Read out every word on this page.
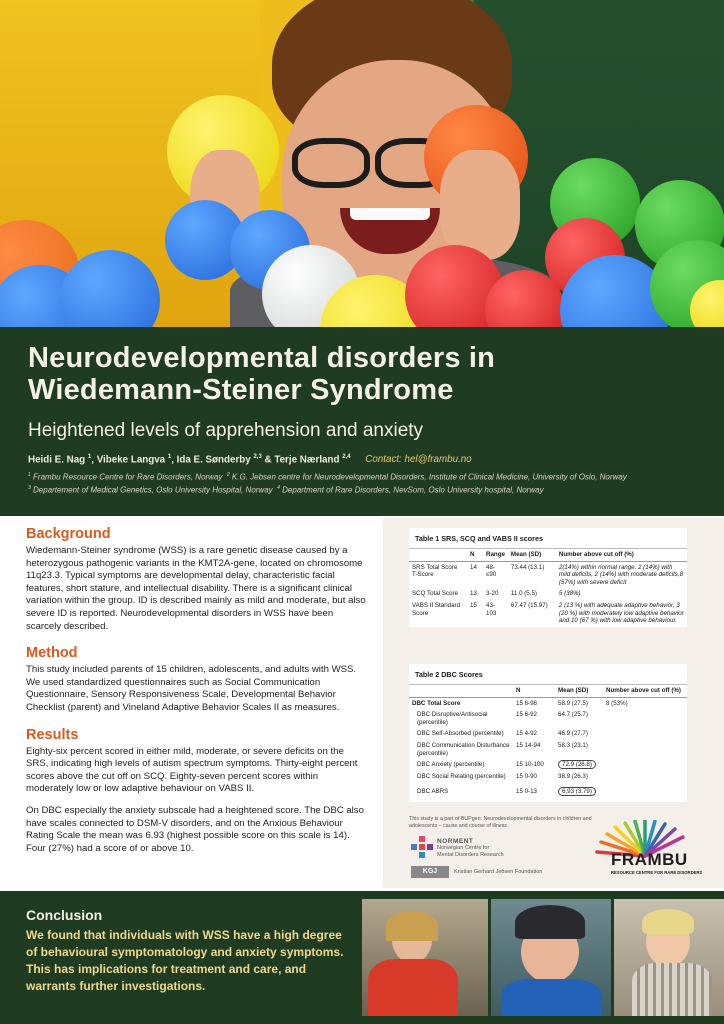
Neurodevelopmental disorders in
Wiedemann-Steiner Syndrome
Heightened levels of apprehension and anxiety
Heidi E. Nag $^1$, Vibeke Langva $^1$, Ida E. Sønderby $^{2,3}$ & Terje Nærland $^{2,4}$ Contact: hel@frambu.no
$^1$ Frambu Resource Centre for Rare Disorders, Norway $^2$ K.G. Jebsen centre for Neurodevelopmental Disorders, Institute of Clinical Medicine, University of Oslo, Norway
$^3$ Departement of Medical Genetics, Oslo University Hospital, Norway $^4$ Department of Rare Disorders, NevSom, Oslo University hospital, Norway
Background

Wiedemann-Steiner syndrome (WSS) is a rare genetic disease caused by a heterozygous pathogenic variants in the KMT2A-gene, located on chromosome 11q23.3. Typical symptoms are developmental delay, characteristic facial features, short stature, and intellectual disability. There is a significant clinical variation within the group. ID is described mainly as mild and moderate, but also severe ID is reported. Neurodevelopmental disorders in WSS have been scarcely described.

Method

This study included parents of 15 children, adolescents, and adults with WSS. We used standardized questionnaires such as Social Communication Questionnaire, Sensory Responsiveness Scale, Developmental Behavior Checklist (parent) and Vineland Adaptive Behavior Scales II as measures.

Results

Eighty-six percent scored in either mild, moderate, or severe deficits on the SRS, indicating high levels of autism spectrum symptoms. Thirty-eight percent scores above the cut off on SCQ. Eighty-seven percent scores within moderately low or low adaptive behaviour on VABS II.

On DBC especially the anxiety subscale had a heightened score. The DBC also have scales connected to DSM-V disorders, and on the Anxious Behaviour Rating Scale the mean was 6.93 (highest possible score on this scale is 14). Four (27%) had a score of or above 10.

Table 1 SRS, SCQ and VABS II scores
	N	Range	Mean (SD)	Number above cut off (%)
SRS Total Score T-Score	14	48-≤90	73.44 (13.1)	2(14%) within normal range, 2 (14%) with mild deficits, 2 (14%) with moderate deficits,8 (57%) with severe deficit
SCQ Total Score	13	3-20	11.0 (5.5)	5 (38%)
VABS II Standard Score	15	43-103	67.47 (15.97)	2 (13 %) with adequate adaptive behavior, 3 (20 %) with moderately low adaptive behavior and 10 (67 %) with low adaptive behaviour.
Table 2 DBC Scores
	N	Mean (SD)	Number above cut off (%)
DBC Total Score	15 6-98	58.9 (27.5)	8 (53%)
DBC Disruptive/Antisocial (percentile)	15 6-92	64.7 (25.7)	
DBC Self-Absorbed (percentile)	15 4-92	46.9 (27.7)	
DBC Communication Disturbance (percentile)	15 14-94	58.3 (23.1)	
DBC Anxiety (percentile)	15 10-100	72.9 (26.8)	
DBC Social Relating (percentile)	15 0-90	38.9 (26.3)	
DBC ABRS	15 0-13	6.93 (3.79)	
This study is a part of BUPgen: Neurodevelopmental disorders in children and adolescents – cause and course of illness
NORMENT
Norwegian Centre for
Mental Disorders Research
KGJ	Kristian Gerhard Jebsen Foundation
FRAMBU
RESOURCE CENTRE FOR RARE DISORDERS
Conclusion

We found that individuals with WSS have a high degree of behavioural symptomatology and anxiety symptoms. This has implications for treatment and care, and warrants further investigations.
